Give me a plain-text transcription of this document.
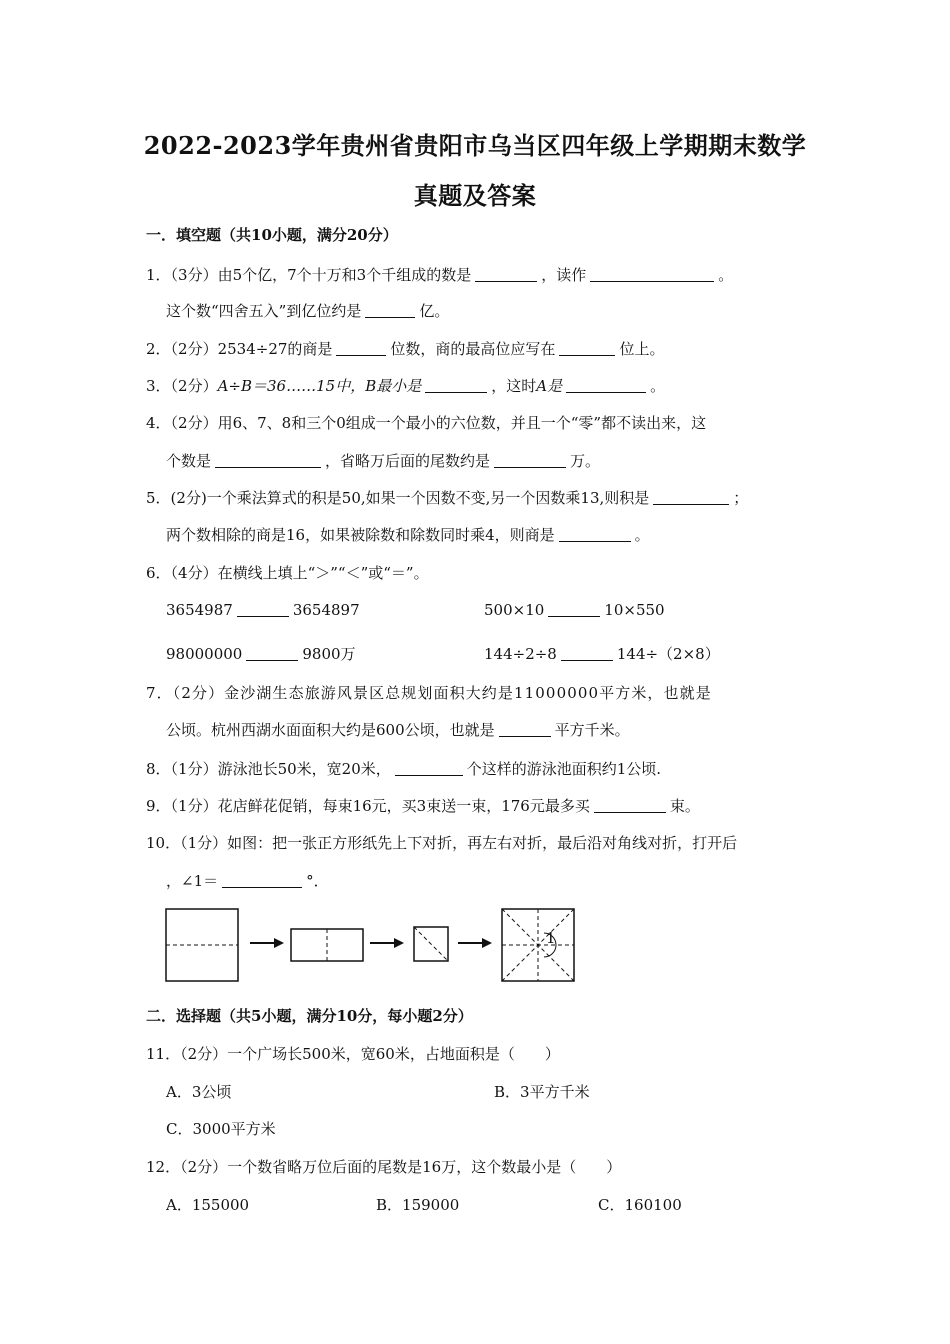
2022-2023学年贵州省贵阳市乌当区四年级上学期期末数学
真题及答案
一．填空题（共10小题，满分20分）
1．（3分）由5个亿，7个十万和3个千组成的数是	，读作	。
这个数“四舍五入”到亿位约是	亿。
2．（2分）2534÷27的商是	位数，商的最高位应写在	位上。
3．（2分）A÷B＝36……15中，B最小是	，这时A是	。
4．（2分）用6、7、8和三个0组成一个最小的六位数，并且一个“零”都不读出来，这
个数是	，省略万后面的尾数约是	万。
5．(2分)一个乘法算式的积是50,如果一个因数不变,另一个因数乘13,则积是	；
两个数相除的商是16，如果被除数和除数同时乘4，则商是	。
6．（4分）在横线上填上“＞”“＜”或“＝”。
3654987	3654897	500×10	10×550
98000000	9800万	144÷2÷8	144÷（2×8）
7．（2分）金沙湖生态旅游风景区总规划面积大约是11000000平方米，也就是
公顷。杭州西湖水面面积大约是600公顷，也就是	平方千米。
8．（1分）游泳池长50米，宽20米，	个这样的游泳池面积约1公顷.
9．（1分）花店鲜花促销，每束16元，买3束送一束，176元最多买	束。
10．（1分）如图：把一张正方形纸先上下对折，再左右对折，最后沿对角线对折，打开后
，∠1＝	°．
1
二．选择题（共5小题，满分10分，每小题2分）
11．（2分）一个广场长500米，宽60米，占地面积是（　　）
A．3公顷	B．3平方千米
C．3000平方米
12．（2分）一个数省略万位后面的尾数是16万，这个数最小是（　　）
A．155000	B．159000	C．160100
